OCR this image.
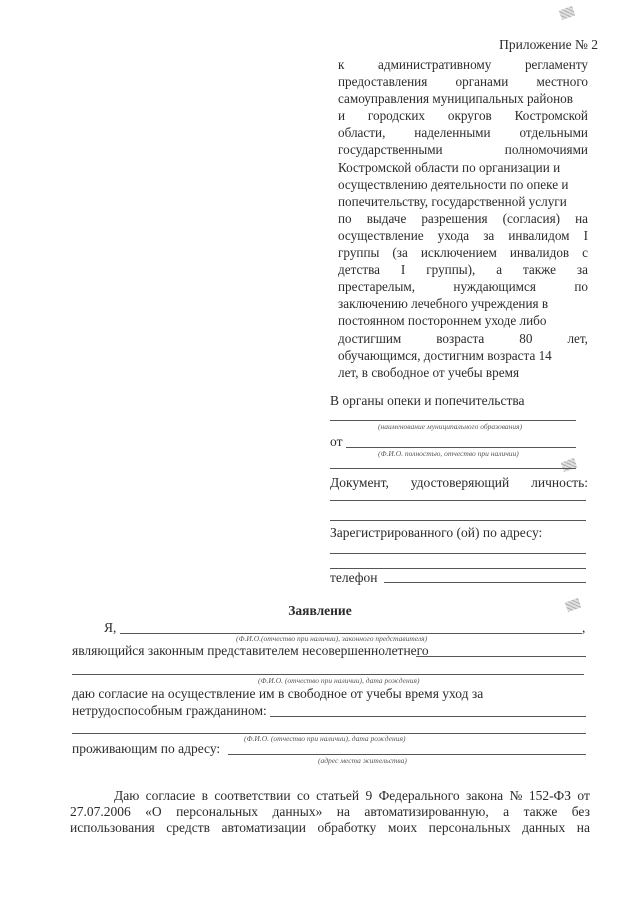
Приложение № 2
к	административному	регламенту
предоставления органами местного
самоуправления муниципальных районов
и городских округов Костромской
области, наделенными отдельными
государственными	полномочиями
Костромской области по организации и
осуществлению деятельности по опеке и
попечительству, государственной услуги
по выдаче разрешения (согласия) на
осуществление ухода за инвалидом I
группы (за исключением инвалидов с
детства I группы), а также за
престарелым,	нуждающимся	по
заключению лечебного учреждения в
постоянном постороннем уходе либо
достигшим	возраста	80	лет,
обучающимся, достигним возраста 14
лет, в свободное от учебы время
В органы опеки и попечительства
(наименование муниципального образования)
от
(Ф.И.О. полностью, отчество при наличии)
Документ, удостоверяющий личность:
Зарегистрированного (ой) по адресу:
телефон
Заявление
Я,	,
(Ф.И.О.(отчество при наличии), законного представителя)
являющийся законным представителем несовершеннолетнего
(Ф.И.О. (отчество при наличии), дата рождения)
даю согласие на осуществление им в свободное от учебы время уход за
нетрудоспособным гражданином:
(Ф.И.О. (отчество при наличии), дата рождения)
проживающим по адресу:
(адрес места жительства)
Даю согласие в соответствии со статьей 9 Федерального закона № 152-ФЗ от
27.07.2006 «О персональных данных» на автоматизированную, а также без
использования средств автоматизации обработку моих персональных данных на
